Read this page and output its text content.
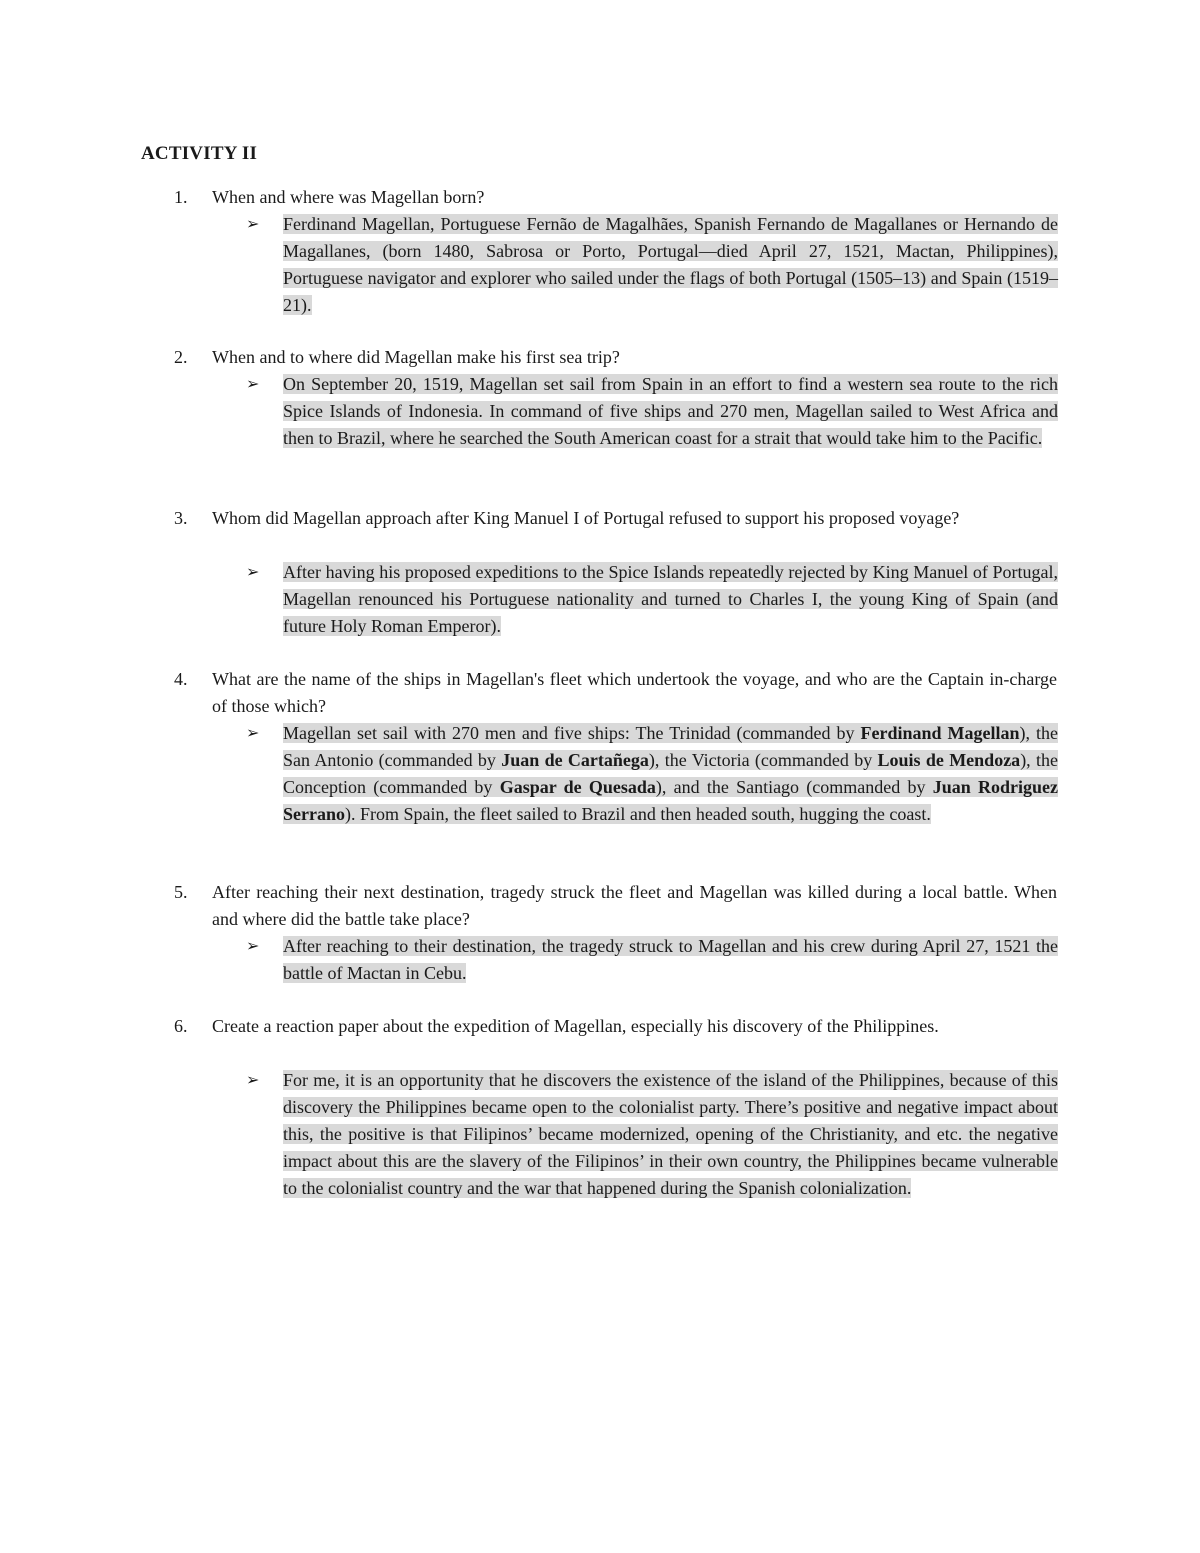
ACTIVITY II
1. When and where was Magellan born?
➢ Ferdinand Magellan, Portuguese Fernão de Magalhães, Spanish Fernando de Magallanes or Hernando de Magallanes, (born 1480, Sabrosa or Porto, Portugal—died April 27, 1521, Mactan, Philippines), Portuguese navigator and explorer who sailed under the flags of both Portugal (1505–13) and Spain (1519–21).
2. When and to where did Magellan make his first sea trip?
➢ On September 20, 1519, Magellan set sail from Spain in an effort to find a western sea route to the rich Spice Islands of Indonesia. In command of five ships and 270 men, Magellan sailed to West Africa and then to Brazil, where he searched the South American coast for a strait that would take him to the Pacific.
3. Whom did Magellan approach after King Manuel I of Portugal refused to support his proposed voyage?
➢ After having his proposed expeditions to the Spice Islands repeatedly rejected by King Manuel of Portugal, Magellan renounced his Portuguese nationality and turned to Charles I, the young King of Spain (and future Holy Roman Emperor).
4. What are the name of the ships in Magellan's fleet which undertook the voyage, and who are the Captain in-charge of those which?
➢ Magellan set sail with 270 men and five ships: The Trinidad (commanded by Ferdinand Magellan), the San Antonio (commanded by Juan de Cartañega), the Victoria (commanded by Louis de Mendoza), the Conception (commanded by Gaspar de Quesada), and the Santiago (commanded by Juan Rodriguez Serrano). From Spain, the fleet sailed to Brazil and then headed south, hugging the coast.
5. After reaching their next destination, tragedy struck the fleet and Magellan was killed during a local battle. When and where did the battle take place?
➢ After reaching to their destination, the tragedy struck to Magellan and his crew during April 27, 1521 the battle of Mactan in Cebu.
6. Create a reaction paper about the expedition of Magellan, especially his discovery of the Philippines.
➢ For me, it is an opportunity that he discovers the existence of the island of the Philippines, because of this discovery the Philippines became open to the colonialist party. There’s positive and negative impact about this, the positive is that Filipinos’ became modernized, opening of the Christianity, and etc. the negative impact about this are the slavery of the Filipinos’ in their own country, the Philippines became vulnerable to the colonialist country and the war that happened during the Spanish colonialization.
